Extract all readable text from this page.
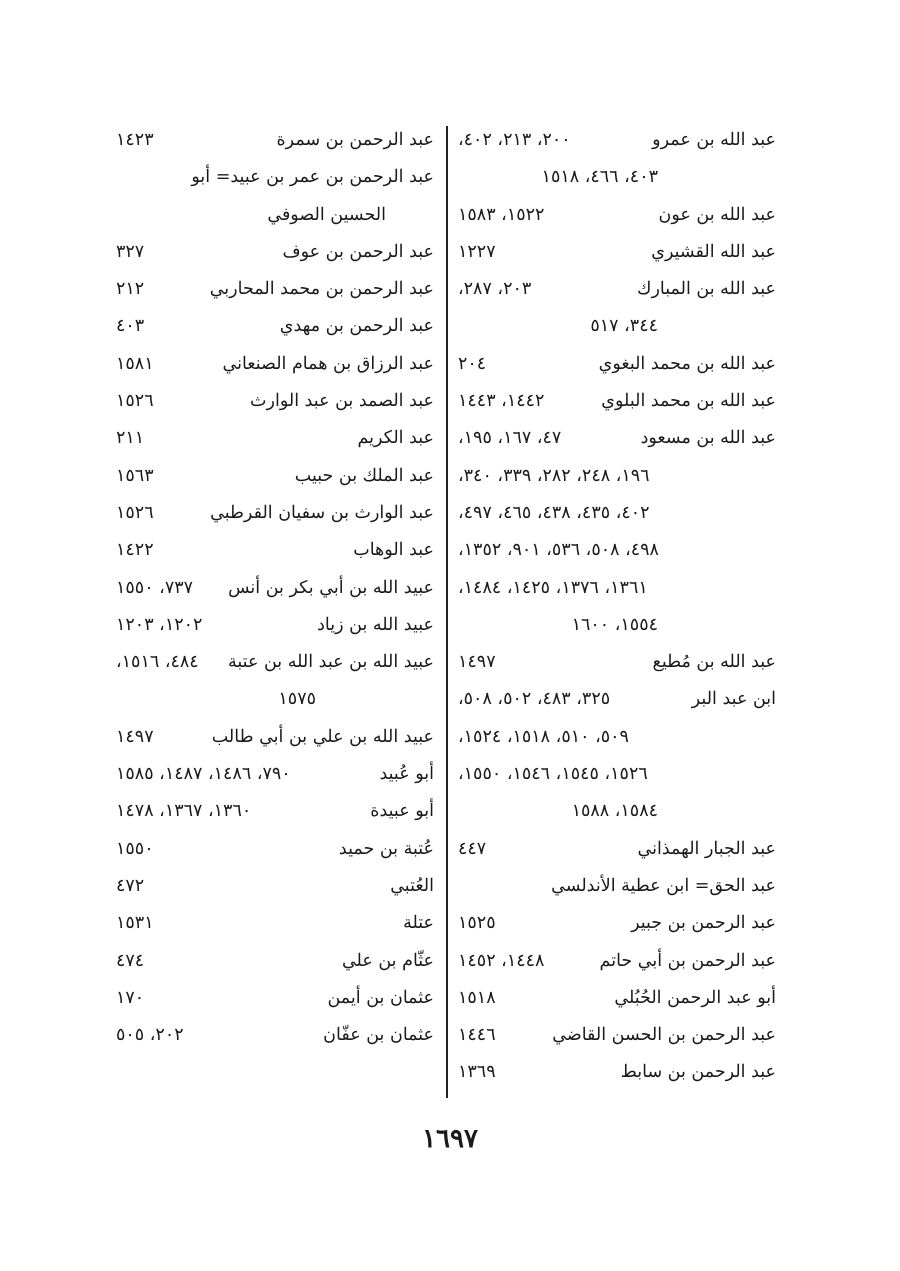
عبد الله بن عمرو
٢٠٠، ٢١٣، ٤٠٢،
٤٠٣، ٤٦٦، ١٥١٨
عبد الله بن عون
١٥٢٢، ١٥٨٣
عبد الله القشيري
١٢٢٧
عبد الله بن المبارك
٢٠٣، ٢٨٧،
٣٤٤، ٥١٧
عبد الله بن محمد البغوي
٢٠٤
عبد الله بن محمد البلوي
١٤٤٢، ١٤٤٣
عبد الله بن مسعود
٤٧، ١٦٧، ١٩٥،
١٩٦، ٢٤٨، ٢٨٢، ٣٣٩، ٣٤٠،
٤٠٢، ٤٣٥، ٤٣٨، ٤٦٥، ٤٩٧،
٤٩٨، ٥٠٨، ٥٣٦، ٩٠١، ١٣٥٢،
١٣٦١، ١٣٧٦، ١٤٢٥، ١٤٨٤،
١٥٥٤، ١٦٠٠
عبد الله بن مُطيع
١٤٩٧
ابن عبد البر
٣٢٥، ٤٨٣، ٥٠٢، ٥٠٨،
٥٠٩، ٥١٠، ١٥١٨، ١٥٢٤،
١٥٢٦، ١٥٤٥، ١٥٤٦، ١٥٥٠،
١٥٨٤، ١٥٨٨
عبد الجبار الهمذاني
٤٤٧
عبد الحق= ابن عطية الأندلسي
عبد الرحمن بن جبير
١٥٢٥
عبد الرحمن بن أبي حاتم
١٤٤٨، ١٤٥٢
أبو عبد الرحمن الحُبُلي
١٥١٨
عبد الرحمن بن الحسن القاضي
١٤٤٦
عبد الرحمن بن سابط
١٣٦٩
عبد الرحمن بن سمرة
١٤٢٣
عبد الرحمن بن عمر بن عبيد= أبو
الحسين الصوفي
عبد الرحمن بن عوف
٣٢٧
عبد الرحمن بن محمد المحاربي
٢١٢
عبد الرحمن بن مهدي
٤٠٣
عبد الرزاق بن همام الصنعاني
١٥٨١
عبد الصمد بن عبد الوارث
١٥٢٦
عبد الكريم
٢١١
عبد الملك بن حبيب
١٥٦٣
عبد الوارث بن سفيان القرطبي
١٥٢٦
عبد الوهاب
١٤٢٢
عبيد الله بن أبي بكر بن أنس
٧٣٧، ١٥٥٠
عبيد الله بن زياد
١٢٠٢، ١٢٠٣
عبيد الله بن عبد الله بن عتبة
٤٨٤، ١٥١٦،
١٥٧٥
عبيد الله بن علي بن أبي طالب
١٤٩٧
أبو عُبيد
٧٩٠، ١٤٨٦، ١٤٨٧، ١٥٨٥
أبو عبيدة
١٣٦٠، ١٣٦٧، ١٤٧٨
عُتبة بن حميد
١٥٥٠
العُتبي
٤٧٢
عتلة
١٥٣١
عثّام بن علي
٤٧٤
عثمان بن أيمن
١٧٠
عثمان بن عفّان
٢٠٢، ٥٠٥
١٦٩٧
